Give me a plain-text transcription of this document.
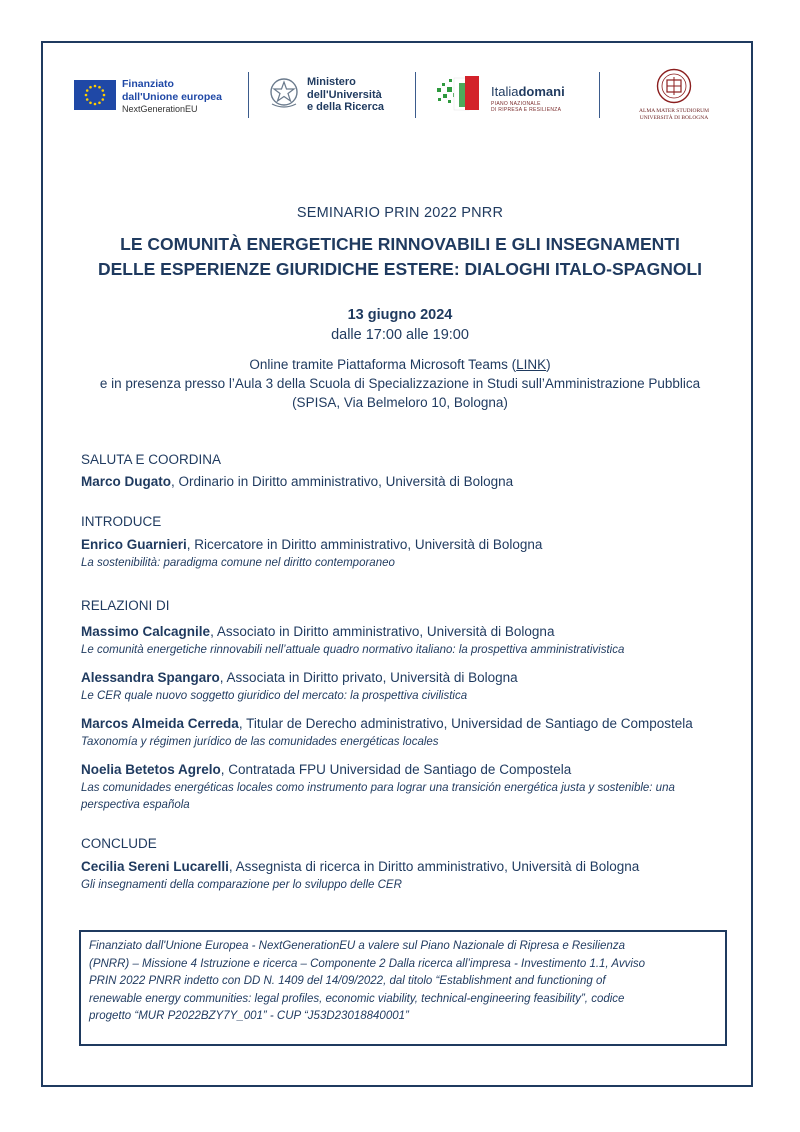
Finanziato
dall'Unione europea
NextGenerationEU
Ministero
dell'Università
e della Ricerca
Italiadomani
PIANO NAZIONALE
DI RIPRESA E RESILIENZA	ALMA MATER STUDIORUM
UNIVERSITÀ DI BOLOGNA
SEMINARIO PRIN 2022 PNRR
LE COMUNITÀ ENERGETICHE RINNOVABILI E GLI INSEGNAMENTI
DELLE ESPERIENZE GIURIDICHE ESTERE: DIALOGHI ITALO-SPAGNOLI
13 giugno 2024
dalle 17:00 alle 19:00
Online tramite Piattaforma Microsoft Teams (LINK)
e in presenza presso l’Aula 3 della Scuola di Specializzazione in Studi sull’Amministrazione Pubblica
(SPISA, Via Belmeloro 10, Bologna)
SALUTA E COORDINA
Marco Dugato, Ordinario in Diritto amministrativo, Università di Bologna
INTRODUCE
Enrico Guarnieri, Ricercatore in Diritto amministrativo, Università di Bologna
La sostenibilità: paradigma comune nel diritto contemporaneo
RELAZIONI DI
Massimo Calcagnile, Associato in Diritto amministrativo, Università di Bologna
Le comunità energetiche rinnovabili nell’attuale quadro normativo italiano: la prospettiva amministrativistica
Alessandra Spangaro, Associata in Diritto privato, Università di Bologna
Le CER quale nuovo soggetto giuridico del mercato: la prospettiva civilistica
Marcos Almeida Cerreda, Titular de Derecho administrativo, Universidad de Santiago de Compostela
Taxonomía y régimen jurídico de las comunidades energéticas locales
Noelia Betetos Agrelo, Contratada FPU Universidad de Santiago de Compostela
Las comunidades energéticas locales como instrumento para lograr una transición energética justa y sostenible: una
perspectiva española
CONCLUDE
Cecilia Sereni Lucarelli, Assegnista di ricerca in Diritto amministrativo, Università di Bologna
Gli insegnamenti della comparazione per lo sviluppo delle CER
Finanziato dall'Unione Europea - NextGenerationEU a valere sul Piano Nazionale di Ripresa e Resilienza
(PNRR) – Missione 4 Istruzione e ricerca – Componente 2 Dalla ricerca all’impresa - Investimento 1.1, Avviso
PRIN 2022 PNRR indetto con DD N. 1409 del 14/09/2022, dal titolo “Establishment and functioning of
renewable energy communities: legal profiles, economic viability, technical-engineering feasibility”, codice
progetto “MUR P2022BZY7Y_001” - CUP “J53D23018840001”
